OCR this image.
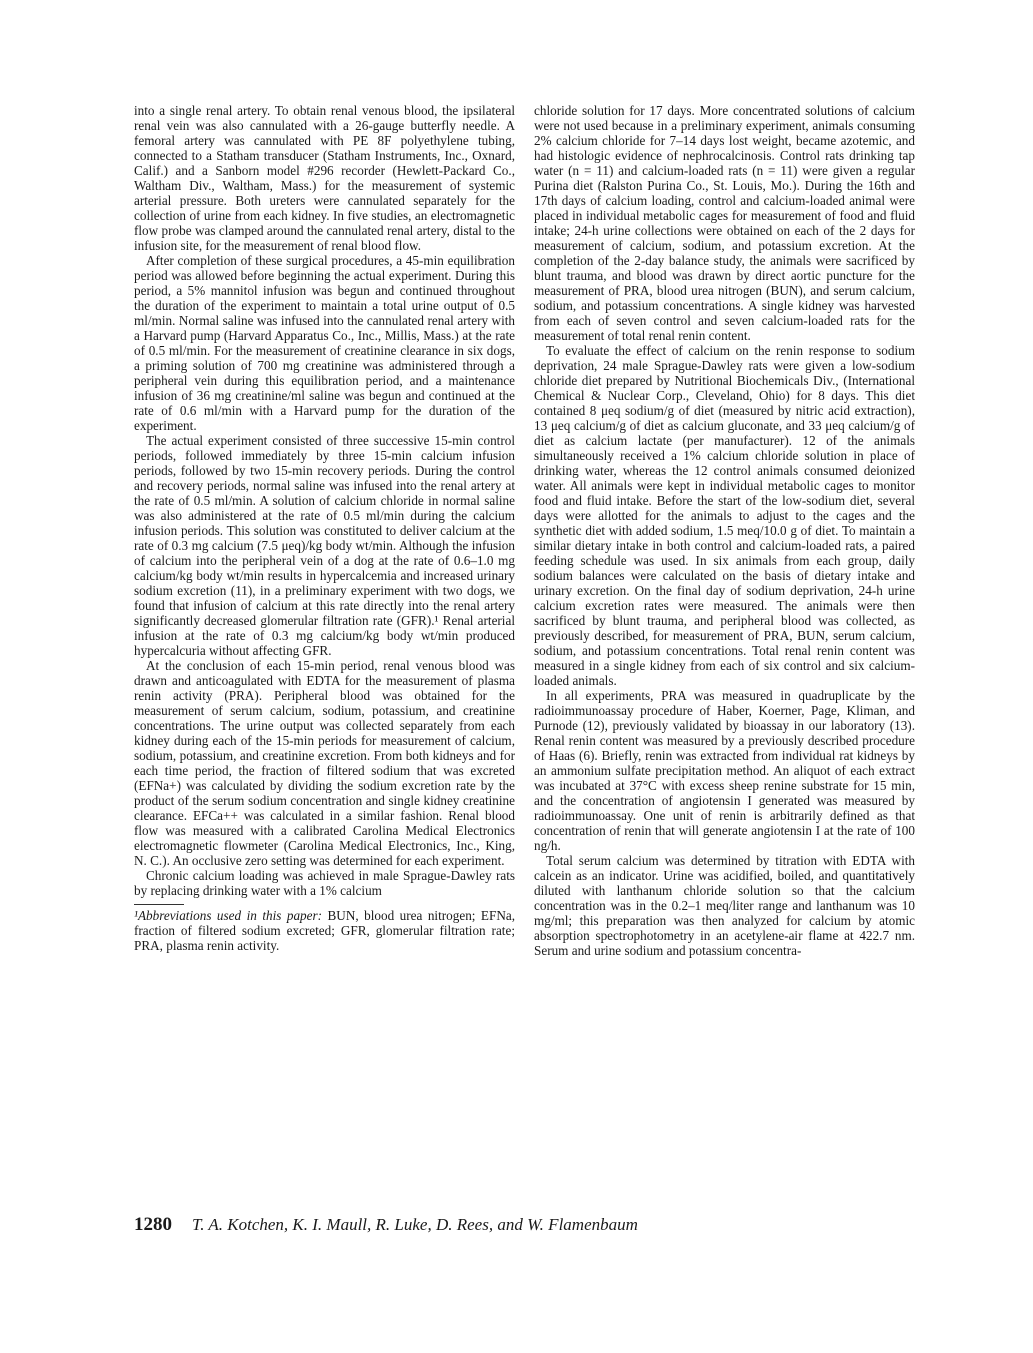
into a single renal artery. To obtain renal venous blood, the ipsilateral renal vein was also cannulated with a 26-gauge butterfly needle. A femoral artery was cannulated with PE 8F polyethylene tubing, connected to a Statham transducer (Statham Instruments, Inc., Oxnard, Calif.) and a Sanborn model #296 recorder (Hewlett-Packard Co., Waltham Div., Waltham, Mass.) for the measurement of systemic arterial pressure. Both ureters were cannulated separately for the collection of urine from each kidney. In five studies, an electromagnetic flow probe was clamped around the cannulated renal artery, distal to the infusion site, for the measurement of renal blood flow.

After completion of these surgical procedures, a 45-min equilibration period was allowed before beginning the actual experiment. During this period, a 5% mannitol infusion was begun and continued throughout the duration of the experiment to maintain a total urine output of 0.5 ml/min. Normal saline was infused into the cannulated renal artery with a Harvard pump (Harvard Apparatus Co., Inc., Millis, Mass.) at the rate of 0.5 ml/min. For the measurement of creatinine clearance in six dogs, a priming solution of 700 mg creatinine was administered through a peripheral vein during this equilibration period, and a maintenance infusion of 36 mg creatinine/ml saline was begun and continued at the rate of 0.6 ml/min with a Harvard pump for the duration of the experiment.

The actual experiment consisted of three successive 15-min control periods, followed immediately by three 15-min calcium infusion periods, followed by two 15-min recovery periods. During the control and recovery periods, normal saline was infused into the renal artery at the rate of 0.5 ml/min. A solution of calcium chloride in normal saline was also administered at the rate of 0.5 ml/min during the calcium infusion periods. This solution was constituted to deliver calcium at the rate of 0.3 mg calcium (7.5 μeq)/kg body wt/min. Although the infusion of calcium into the peripheral vein of a dog at the rate of 0.6–1.0 mg calcium/kg body wt/min results in hypercalcemia and increased urinary sodium excretion (11), in a preliminary experiment with two dogs, we found that infusion of calcium at this rate directly into the renal artery significantly decreased glomerular filtration rate (GFR).¹ Renal arterial infusion at the rate of 0.3 mg calcium/kg body wt/min produced hypercalcuria without affecting GFR.

At the conclusion of each 15-min period, renal venous blood was drawn and anticoagulated with EDTA for the measurement of plasma renin activity (PRA). Peripheral blood was obtained for the measurement of serum calcium, sodium, potassium, and creatinine concentrations. The urine output was collected separately from each kidney during each of the 15-min periods for measurement of calcium, sodium, potassium, and creatinine excretion. From both kidneys and for each time period, the fraction of filtered sodium that was excreted (EFNa+) was calculated by dividing the sodium excretion rate by the product of the serum sodium concentration and single kidney creatinine clearance. EFCa++ was calculated in a similar fashion. Renal blood flow was measured with a calibrated Carolina Medical Electronics electromagnetic flowmeter (Carolina Medical Electronics, Inc., King, N. C.). An occlusive zero setting was determined for each experiment.

Chronic calcium loading was achieved in male Sprague-Dawley rats by replacing drinking water with a 1% calcium

¹Abbreviations used in this paper: BUN, blood urea nitrogen; EFNa, fraction of filtered sodium excreted; GFR, glomerular filtration rate; PRA, plasma renin activity.

chloride solution for 17 days. More concentrated solutions of calcium were not used because in a preliminary experiment, animals consuming 2% calcium chloride for 7–14 days lost weight, became azotemic, and had histologic evidence of nephrocalcinosis. Control rats drinking tap water (n = 11) and calcium-loaded rats (n = 11) were given a regular Purina diet (Ralston Purina Co., St. Louis, Mo.). During the 16th and 17th days of calcium loading, control and calcium-loaded animal were placed in individual metabolic cages for measurement of food and fluid intake; 24-h urine collections were obtained on each of the 2 days for measurement of calcium, sodium, and potassium excretion. At the completion of the 2-day balance study, the animals were sacrificed by blunt trauma, and blood was drawn by direct aortic puncture for the measurement of PRA, blood urea nitrogen (BUN), and serum calcium, sodium, and potassium concentrations. A single kidney was harvested from each of seven control and seven calcium-loaded rats for the measurement of total renal renin content.

To evaluate the effect of calcium on the renin response to sodium deprivation, 24 male Sprague-Dawley rats were given a low-sodium chloride diet prepared by Nutritional Biochemicals Div., (International Chemical & Nuclear Corp., Cleveland, Ohio) for 8 days. This diet contained 8 μeq sodium/g of diet (measured by nitric acid extraction), 13 μeq calcium/g of diet as calcium gluconate, and 33 μeq calcium/g of diet as calcium lactate (per manufacturer). 12 of the animals simultaneously received a 1% calcium chloride solution in place of drinking water, whereas the 12 control animals consumed deionized water. All animals were kept in individual metabolic cages to monitor food and fluid intake. Before the start of the low-sodium diet, several days were allotted for the animals to adjust to the cages and the synthetic diet with added sodium, 1.5 meq/10.0 g of diet. To maintain a similar dietary intake in both control and calcium-loaded rats, a paired feeding schedule was used. In six animals from each group, daily sodium balances were calculated on the basis of dietary intake and urinary excretion. On the final day of sodium deprivation, 24-h urine calcium excretion rates were measured. The animals were then sacrificed by blunt trauma, and peripheral blood was collected, as previously described, for measurement of PRA, BUN, serum calcium, sodium, and potassium concentrations. Total renal renin content was measured in a single kidney from each of six control and six calcium-loaded animals.

In all experiments, PRA was measured in quadruplicate by the radioimmunoassay procedure of Haber, Koerner, Page, Kliman, and Purnode (12), previously validated by bioassay in our laboratory (13). Renal renin content was measured by a previously described procedure of Haas (6). Briefly, renin was extracted from individual rat kidneys by an ammonium sulfate precipitation method. An aliquot of each extract was incubated at 37°C with excess sheep renine substrate for 15 min, and the concentration of angiotensin I generated was measured by radioimmunoassay. One unit of renin is arbitrarily defined as that concentration of renin that will generate angiotensin I at the rate of 100 ng/h.

Total serum calcium was determined by titration with EDTA with calcein as an indicator. Urine was acidified, boiled, and quantitatively diluted with lanthanum chloride solution so that the calcium concentration was in the 0.2–1 meq/liter range and lanthanum was 10 mg/ml; this preparation was then analyzed for calcium by atomic absorption spectrophotometry in an acetylene-air flame at 422.7 nm. Serum and urine sodium and potassium concentra-

1280 T. A. Kotchen, K. I. Maull, R. Luke, D. Rees, and W. Flamenbaum
